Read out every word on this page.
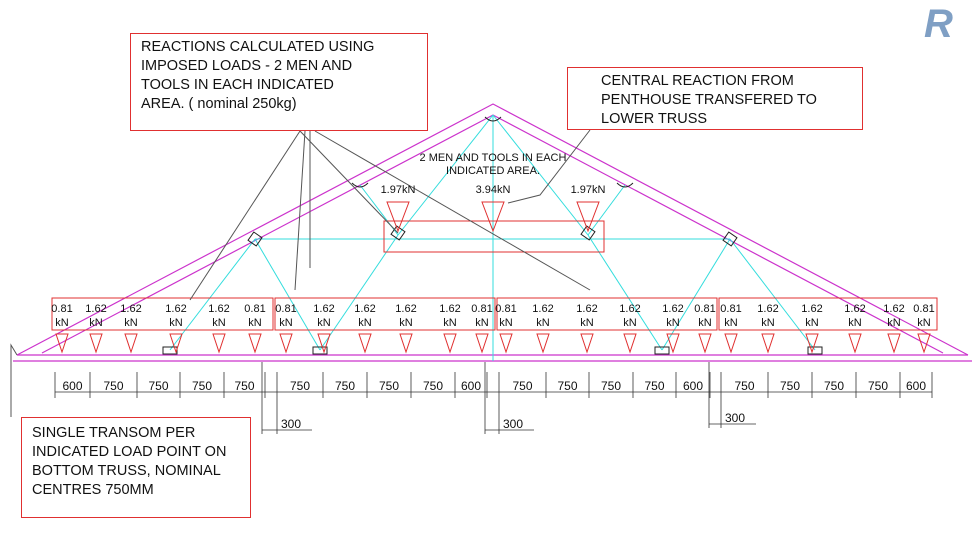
R
2 MEN AND TOOLS IN EACH
INDICATED AREA.
1.97kN	3.94kN	1.97kN
0.81
kN
1.62
kN
1.62
kN
1.62
kN
1.62
kN
0.81
kN
0.81
kN
1.62
kN
1.62
kN
1.62
kN
1.62
kN
0.81
kN
0.81
kN
1.62
kN
1.62
kN
1.62
kN
1.62
kN
0.81
kN
0.81
kN
1.62
kN
1.62
kN
1.62
kN
1.62
kN
0.81
kN
600 750 750 750 750	750 750 750 750 600	750 750 750 750 600	750 750 750 750 600
300	300	300
REACTIONS CALCULATED USING
IMPOSED LOADS - 2 MEN AND
TOOLS IN EACH INDICATED
AREA. ( nominal 250kg)
CENTRAL REACTION FROM
PENTHOUSE TRANSFERED TO
LOWER TRUSS
SINGLE TRANSOM PER
INDICATED LOAD POINT ON
BOTTOM TRUSS, NOMINAL
CENTRES 750MM
